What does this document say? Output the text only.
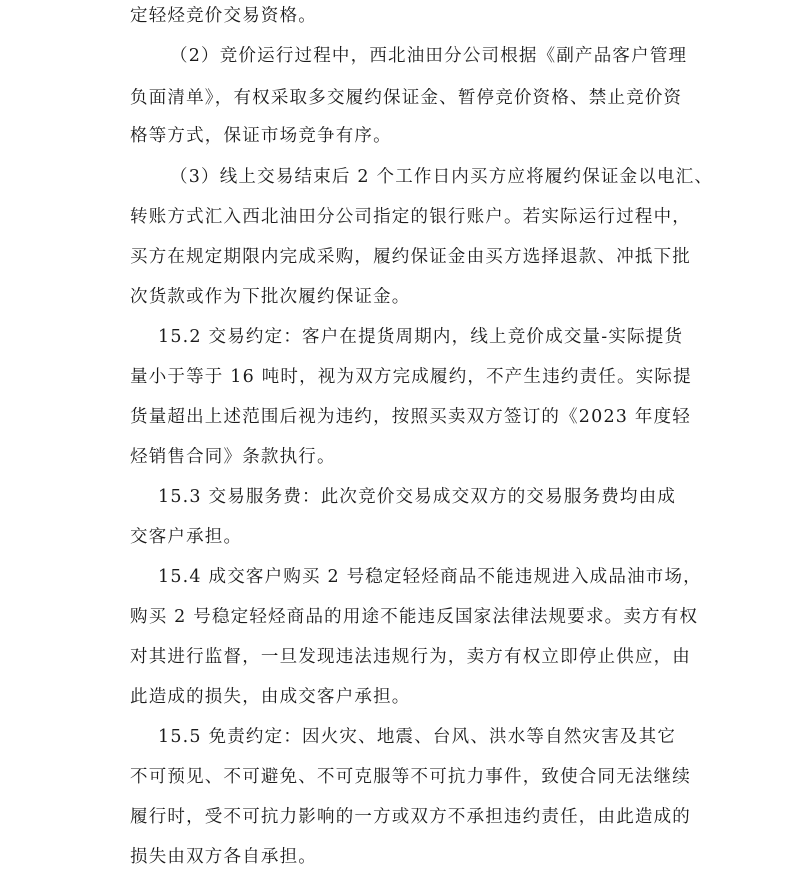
定轻烃竞价交易资格。
（2）竞价运行过程中，西北油田分公司根据《副产品客户管理
负面清单》，有权采取多交履约保证金、暂停竞价资格、禁止竞价资
格等方式，保证市场竞争有序。
（3）线上交易结束后 2 个工作日内买方应将履约保证金以电汇、
转账方式汇入西北油田分公司指定的银行账户。若实际运行过程中，
买方在规定期限内完成采购，履约保证金由买方选择退款、冲抵下批
次货款或作为下批次履约保证金。
15.2 交易约定：客户在提货周期内，线上竞价成交量-实际提货
量小于等于 16 吨时，视为双方完成履约，不产生违约责任。实际提
货量超出上述范围后视为违约，按照买卖双方签订的《2023 年度轻
烃销售合同》条款执行。
15.3 交易服务费：此次竞价交易成交双方的交易服务费均由成
交客户承担。
15.4 成交客户购买 2 号稳定轻烃商品不能违规进入成品油市场，
购买 2 号稳定轻烃商品的用途不能违反国家法律法规要求。卖方有权
对其进行监督，一旦发现违法违规行为，卖方有权立即停止供应，由
此造成的损失，由成交客户承担。
15.5 免责约定：因火灾、地震、台风、洪水等自然灾害及其它
不可预见、不可避免、不可克服等不可抗力事件，致使合同无法继续
履行时，受不可抗力影响的一方或双方不承担违约责任，由此造成的
损失由双方各自承担。
